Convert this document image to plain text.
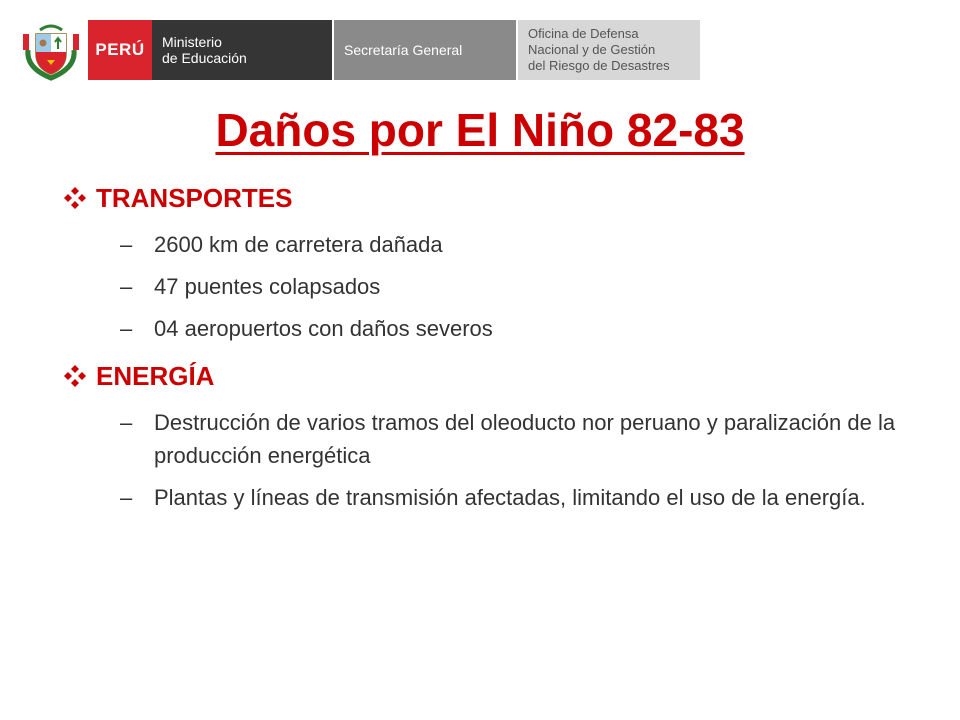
PERÚ Ministerio
de Educación	Secretaría General
Oficina de Defensa
Nacional y de Gestión
del Riesgo de Desastres
Daños por El Niño 82-83
TRANSPORTES
– 2600 km de carretera dañada
– 47 puentes colapsados
– 04 aeropuertos con daños severos
ENERGÍA
– Destrucción de varios tramos del oleoducto nor peruano y paralización de la producción energética
– Plantas y líneas de transmisión afectadas, limitando el uso de la energía.
